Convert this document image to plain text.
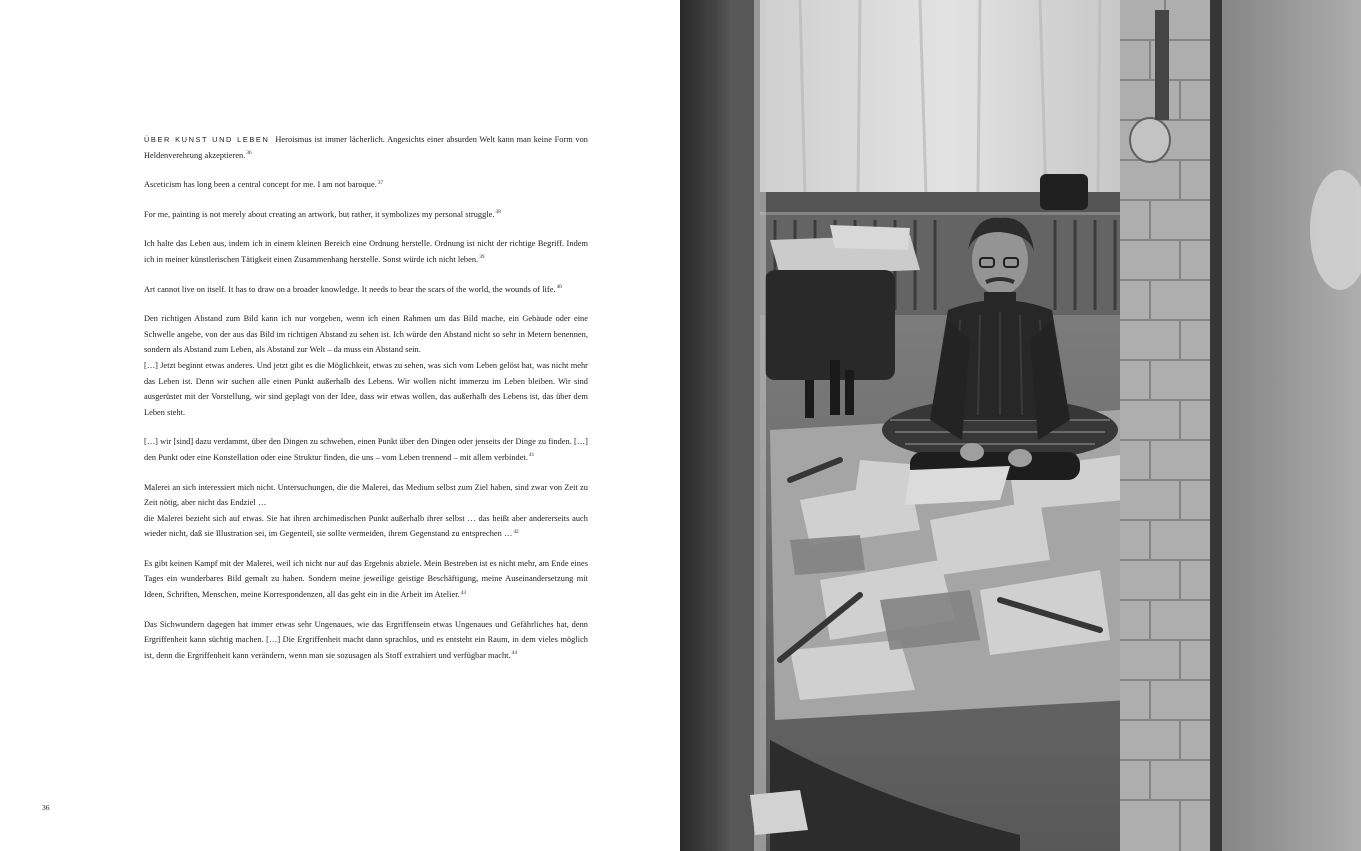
ÜBER KUNST UND LEBEN Heroismus ist immer lächerlich. Angesichts einer absurden Welt kann man keine Form von Heldenverehrung akzeptieren.$^{36}$

Asceticism has long been a central concept for me. I am not baroque.$^{37}$

For me, painting is not merely about creating an artwork, but rather, it symbolizes my personal struggle.$^{38}$

Ich halte das Leben aus, indem ich in einem kleinen Bereich eine Ordnung herstelle. Ordnung ist nicht der richtige Begriff. Indem ich in meiner künstlerischen Tätigkeit einen Zusammenhang herstelle. Sonst würde ich nicht leben.$^{39}$

Art cannot live on itself. It has to draw on a broader knowledge. It needs to bear the scars of the world, the wounds of life.$^{40}$

Den richtigen Abstand zum Bild kann ich nur vorgeben, wenn ich einen Rahmen um das Bild mache, ein Gebäude oder eine Schwelle angebe, von der aus das Bild im richtigen Abstand zu sehen ist. Ich würde den Abstand nicht so sehr in Metern benennen, sondern als Abstand zum Leben, als Abstand zur Welt – da muss ein Abstand sein.

[…] Jetzt beginnt etwas anderes. Und jetzt gibt es die Möglichkeit, etwas zu sehen, was sich vom Leben gelöst hat, was nicht mehr das Leben ist. Denn wir suchen alle einen Punkt außerhalb des Lebens. Wir wollen nicht immerzu im Leben bleiben. Wir sind ausgerüstet mit der Vorstellung, wir sind geplagt von der Idee, dass wir etwas wollen, das außerhalb des Lebens ist, das über dem Leben steht.

[…] wir [sind] dazu verdammt, über den Dingen zu schweben, einen Punkt über den Dingen oder jenseits der Dinge zu finden. […] den Punkt oder eine Konstellation oder eine Struktur finden, die uns – vom Leben trennend – mit allem verbindet.$^{41}$

Malerei an sich interessiert mich nicht. Untersuchungen, die die Malerei, das Medium selbst zum Ziel haben, sind zwar von Zeit zu Zeit nötig, aber nicht das Endziel …

die Malerei bezieht sich auf etwas. Sie hat ihren archimedischen Punkt außerhalb ihrer selbst … das heißt aber andererseits auch wieder nicht, daß sie Illustration sei, im Gegenteil, sie sollte vermeiden, ihrem Gegenstand zu entsprechen …$^{42}$

Es gibt keinen Kampf mit der Malerei, weil ich nicht nur auf das Ergebnis abziele. Mein Bestreben ist es nicht mehr, am Ende eines Tages ein wunderbares Bild gemalt zu haben. Sondern meine jeweilige geistige Beschäftigung, meine Auseinandersetzung mit Ideen, Schriften, Menschen, meine Korrespondenzen, all das geht ein in die Arbeit im Atelier.$^{43}$

Das Sichwundern dagegen hat immer etwas sehr Ungenaues, wie das Ergriffensein etwas Ungenaues und Gefährliches hat, denn Ergriffenheit kann süchtig machen. […] Die Ergriffenheit macht dann sprachlos, und es entsteht ein Raum, in dem vieles möglich ist, denn die Ergriffenheit kann verändern, wenn man sie sozusagen als Stoff extrahiert und verfügbar macht.$^{44}$

36
